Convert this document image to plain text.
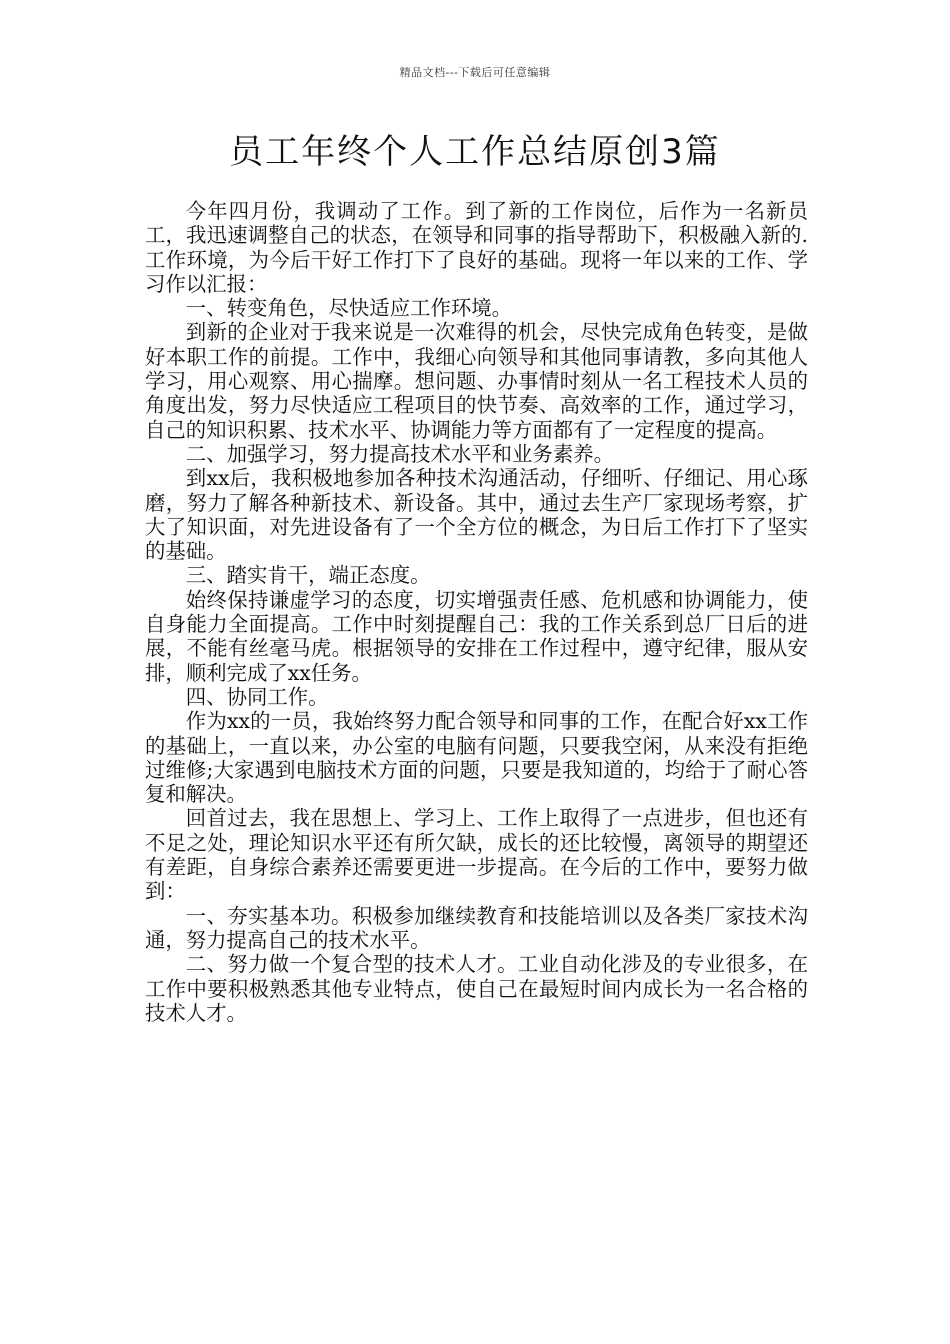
精品文档---下载后可任意编辑
员工年终个人工作总结原创3篇

今年四月份，我调动了工作。到了新的工作岗位，后作为一名新员工，我迅速调整自己的状态，在领导和同事的指导帮助下，积极融入新的.工作环境，为今后干好工作打下了良好的基础。现将一年以来的工作、学习作以汇报：

一、转变角色，尽快适应工作环境。

到新的企业对于我来说是一次难得的机会，尽快完成角色转变，是做好本职工作的前提。工作中，我细心向领导和其他同事请教，多向其他人学习，用心观察、用心揣摩。想问题、办事情时刻从一名工程技术人员的角度出发，努力尽快适应工程项目的快节奏、高效率的工作，通过学习，自己的知识积累、技术水平、协调能力等方面都有了一定程度的提高。

二、加强学习，努力提高技术水平和业务素养。

到xx后，我积极地参加各种技术沟通活动，仔细听、仔细记、用心琢磨，努力了解各种新技术、新设备。其中，通过去生产厂家现场考察，扩大了知识面，对先进设备有了一个全方位的概念，为日后工作打下了坚实的基础。

三、踏实肯干，端正态度。

始终保持谦虚学习的态度，切实增强责任感、危机感和协调能力，使自身能力全面提高。工作中时刻提醒自己：我的工作关系到总厂日后的进展，不能有丝毫马虎。根据领导的安排在工作过程中，遵守纪律，服从安排，顺利完成了xx任务。

四、协同工作。

作为xx的一员，我始终努力配合领导和同事的工作，在配合好xx工作的基础上，一直以来，办公室的电脑有问题，只要我空闲，从来没有拒绝过维修;大家遇到电脑技术方面的问题，只要是我知道的，均给于了耐心答复和解决。

回首过去，我在思想上、学习上、工作上取得了一点进步，但也还有不足之处，理论知识水平还有所欠缺，成长的还比较慢，离领导的期望还有差距，自身综合素养还需要更进一步提高。在今后的工作中，要努力做到：

一、夯实基本功。积极参加继续教育和技能培训以及各类厂家技术沟通，努力提高自己的技术水平。

二、努力做一个复合型的技术人才。工业自动化涉及的专业很多，在工作中要积极熟悉其他专业特点，使自己在最短时间内成长为一名合格的技术人才。
